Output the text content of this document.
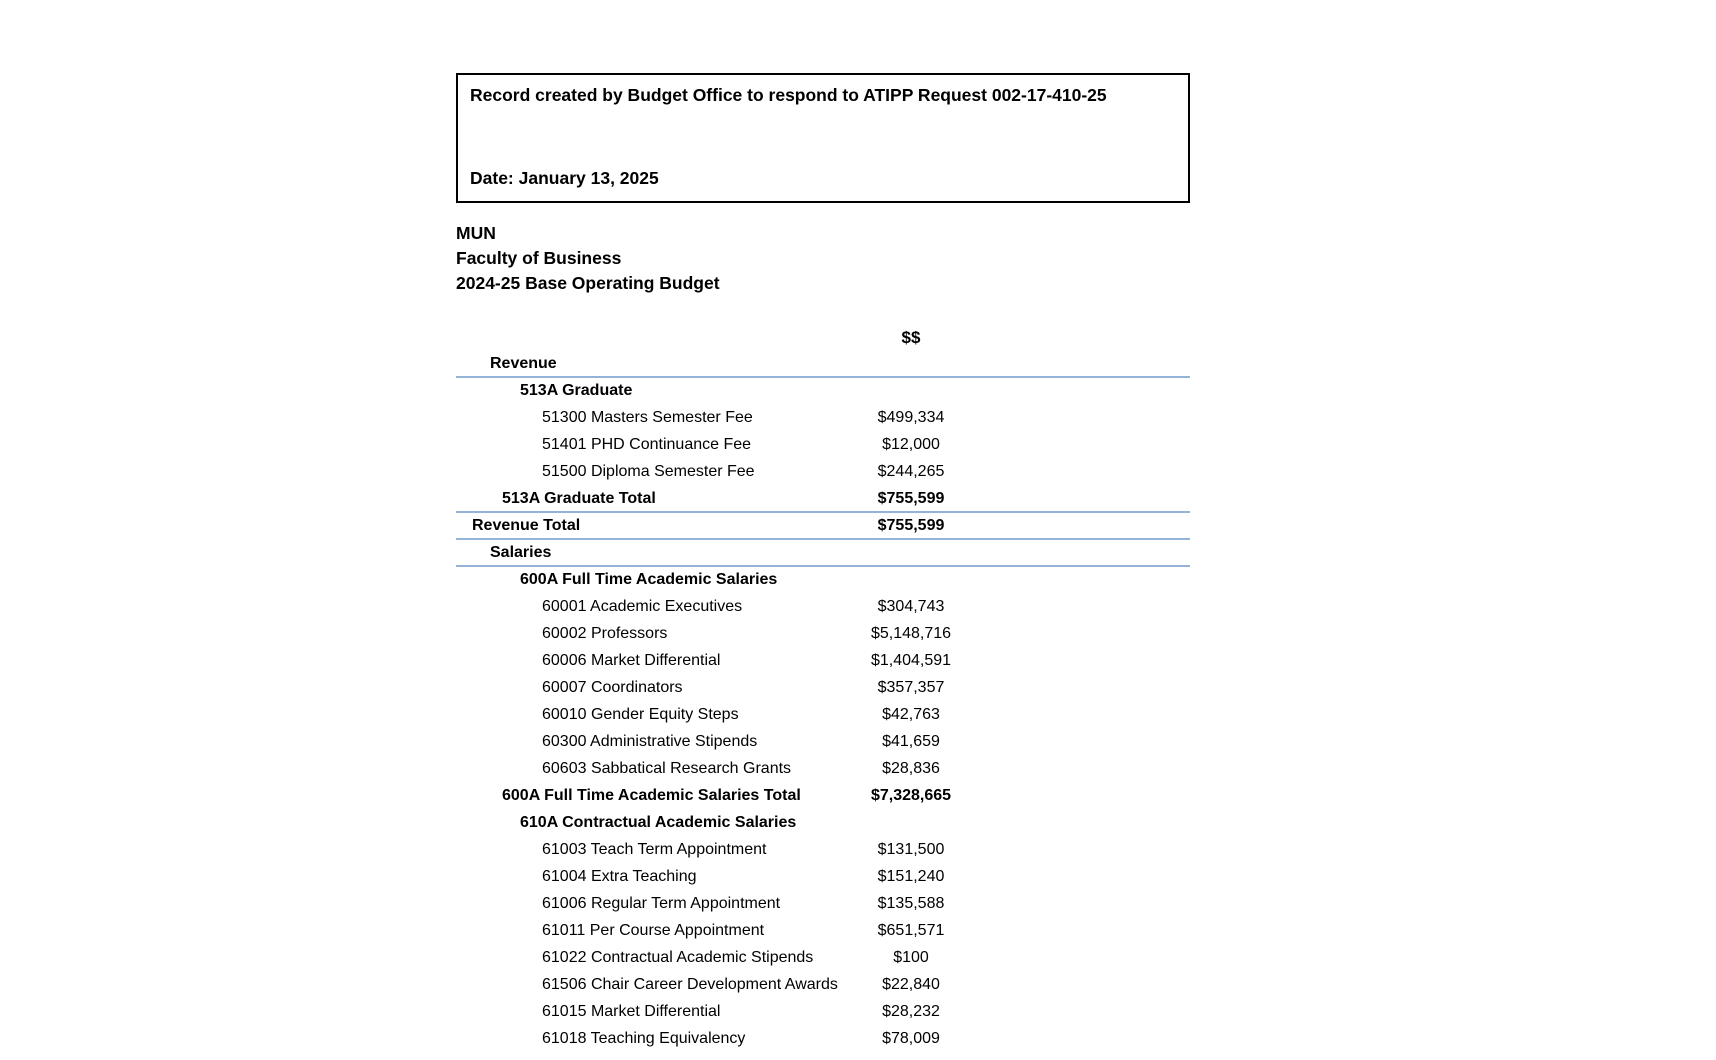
Record created by Budget Office to respond to ATIPP Request 002-17-410-25
Date: January 13, 2025
MUN
Faculty of Business
2024-25 Base Operating Budget
$$
Revenue
513A Graduate
51300 Masters Semester Fee	$499,334
51401 PHD Continuance Fee	$12,000
51500 Diploma Semester Fee	$244,265
513A Graduate Total	$755,599
Revenue Total	$755,599
Salaries
600A Full Time Academic Salaries
60001 Academic Executives	$304,743
60002 Professors	$5,148,716
60006 Market Differential	$1,404,591
60007 Coordinators	$357,357
60010 Gender Equity Steps	$42,763
60300 Administrative Stipends	$41,659
60603 Sabbatical Research Grants	$28,836
600A Full Time Academic Salaries Total	$7,328,665
610A Contractual Academic Salaries
61003 Teach Term Appointment	$131,500
61004 Extra Teaching	$151,240
61006 Regular Term Appointment	$135,588
61011 Per Course Appointment	$651,571
61022 Contractual Academic Stipends	$100
61506 Chair Career Development Awards	$22,840
61015 Market Differential	$28,232
61018 Teaching Equivalency	$78,009
